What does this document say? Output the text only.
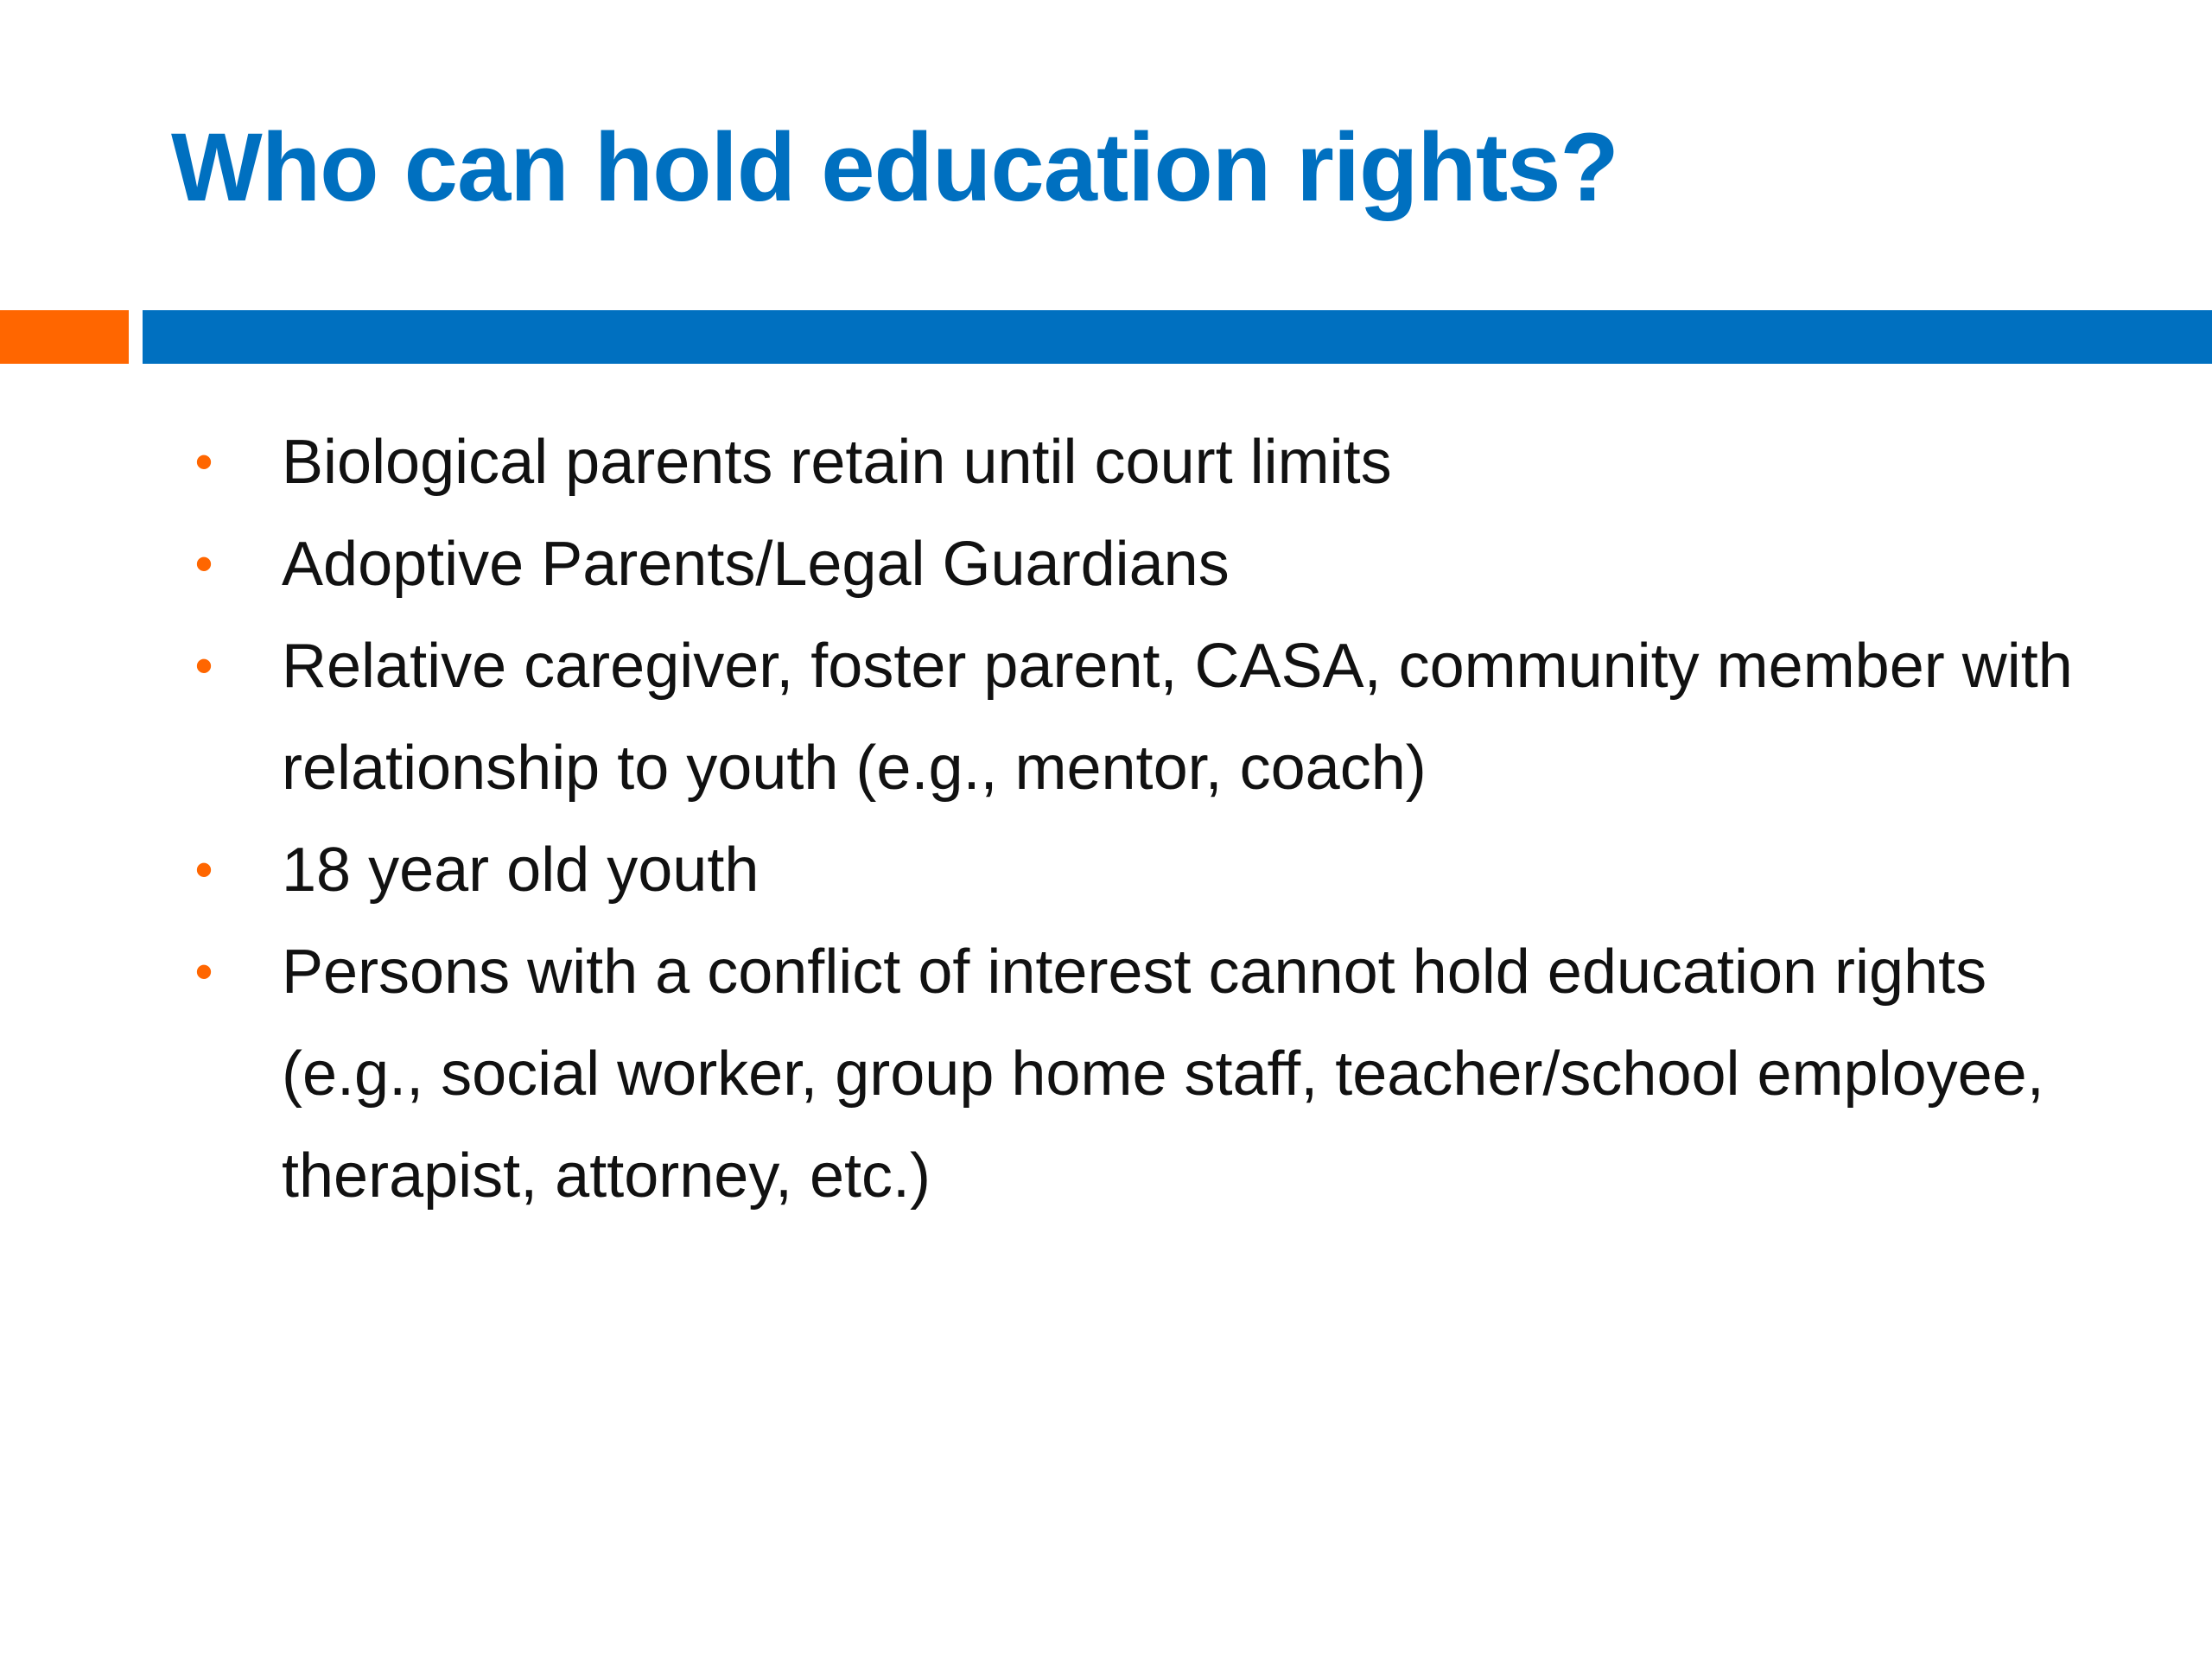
Who can hold education rights?
• Biological parents retain until court limits
• Adoptive Parents/Legal Guardians
• Relative caregiver, foster parent, CASA, community member with relationship to youth (e.g., mentor, coach)
• 18 year old youth
• Persons with a conflict of interest cannot hold education rights (e.g., social worker, group home staff, teacher/school employee, therapist, attorney, etc.)
